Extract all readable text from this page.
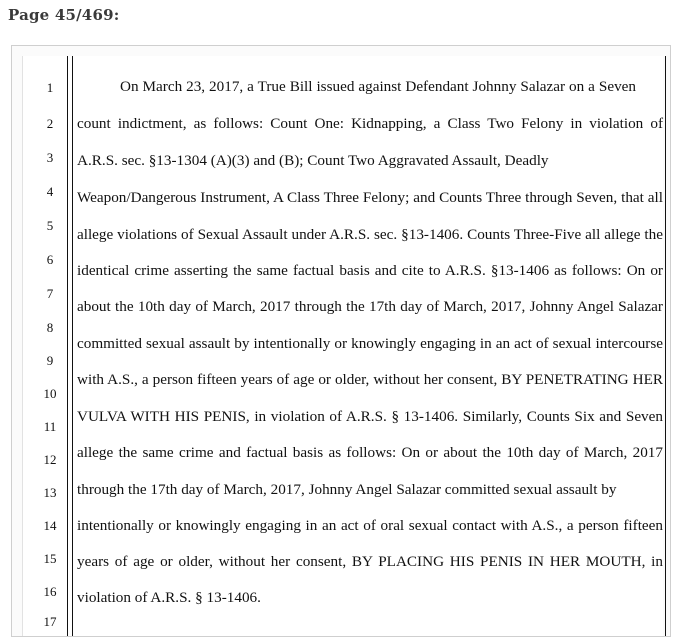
Page 45/469:
1
2
3
4
5
6
7
8
9
10
11
12
13
14
15
16
17
On March 23, 2017, a True Bill issued against Defendant Johnny Salazar on a Seven
count indictment, as follows: Count One: Kidnapping, a Class Two Felony in violation of
A.R.S. sec. §13-1304 (A)(3) and (B); Count Two Aggravated Assault, Deadly
Weapon/Dangerous Instrument, A Class Three Felony; and Counts Three through Seven, that all
allege violations of Sexual Assault under A.R.S. sec. §13-1406. Counts Three-Five all allege the
identical crime asserting the same factual basis and cite to A.R.S. §13-1406 as follows: On or
about the 10th day of March, 2017 through the 17th day of March, 2017, Johnny Angel Salazar
committed sexual assault by intentionally or knowingly engaging in an act of sexual intercourse
with A.S., a person fifteen years of age or older, without her consent, BY PENETRATING HER
VULVA WITH HIS PENIS, in violation of A.R.S. § 13-1406. Similarly, Counts Six and Seven
allege the same crime and factual basis as follows: On or about the 10th day of March, 2017
through the 17th day of March, 2017, Johnny Angel Salazar committed sexual assault by
intentionally or knowingly engaging in an act of oral sexual contact with A.S., a person fifteen
years of age or older, without her consent, BY PLACING HIS PENIS IN HER MOUTH, in
violation of A.R.S. § 13-1406.
